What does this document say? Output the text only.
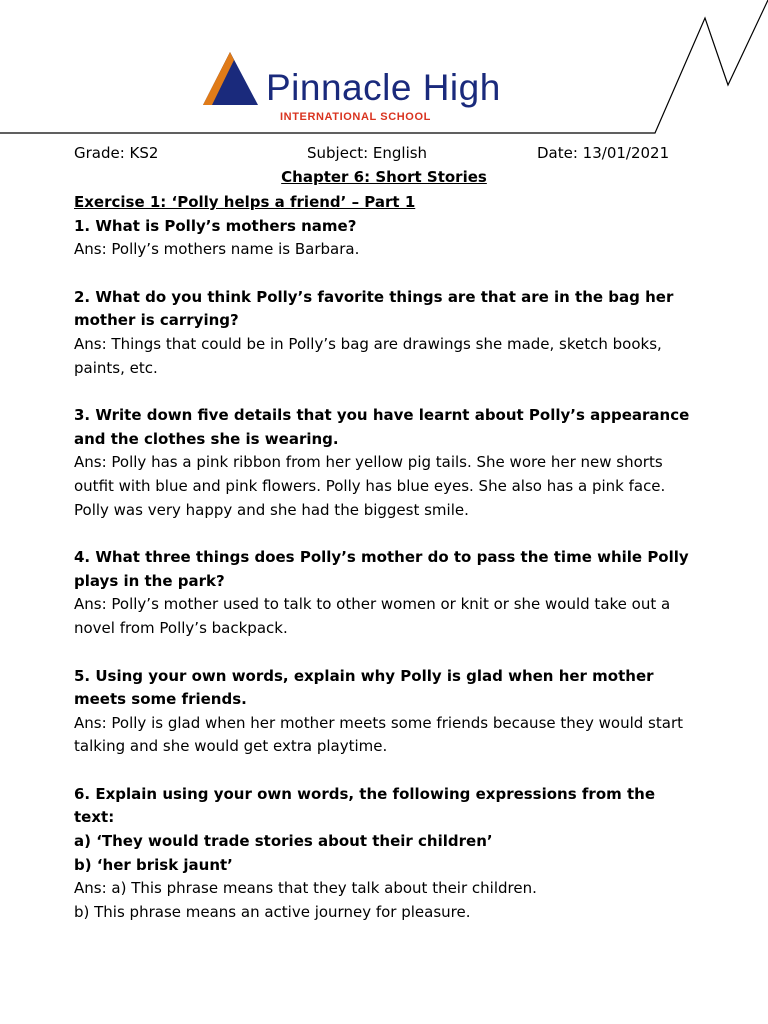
Pinnacle High
INTERNATIONAL SCHOOL
Grade: KS2	Subject: English	Date: 13/01/2021
Chapter 6: Short Stories

Exercise 1: ‘Polly helps a friend’ – Part 1

1. What is Polly’s mothers name?

Ans: Polly’s mothers name is Barbara.

2. What do you think Polly’s favorite things are that are in the bag her mother is carrying?

Ans: Things that could be in Polly’s bag are drawings she made, sketch books, paints, etc.

3. Write down five details that you have learnt about Polly’s appearance and the clothes she is wearing.

Ans: Polly has a pink ribbon from her yellow pig tails. She wore her new shorts outfit with blue and pink flowers. Polly has blue eyes. She also has a pink face. Polly was very happy and she had the biggest smile.

4. What three things does Polly’s mother do to pass the time while Polly plays in the park?

Ans: Polly’s mother used to talk to other women or knit or she would take out a novel from Polly’s backpack.

5. Using your own words, explain why Polly is glad when her mother meets some friends.

Ans: Polly is glad when her mother meets some friends because they would start talking and she would get extra playtime.

6. Explain using your own words, the following expressions from the text:

a) ‘They would trade stories about their children’

b) ‘her brisk jaunt’

Ans: a) This phrase means that they talk about their children.

b) This phrase means an active journey for pleasure.
